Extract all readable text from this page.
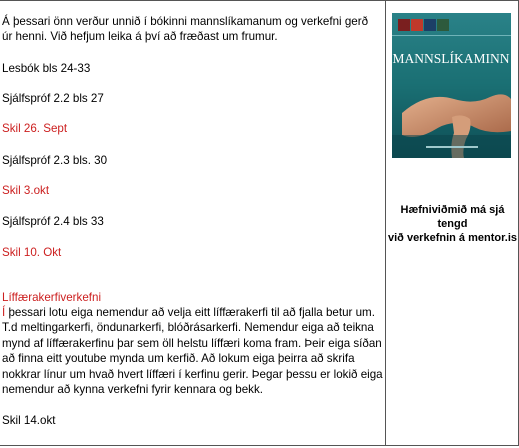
Á þessari önn verður unnið í bókinni mannslíkamanum og verkefni gerð
úr henni. Við hefjum leika á því að fræðast um frumur.
Lesbók bls 24-33
Sjálfspróf 2.2 bls 27
Skil 26. Sept
Sjálfspróf 2.3 bls. 30
Skil 3.okt
Sjálfspróf 2.4 bls 33
Skil 10. Okt
Líffærakerfiverkefni
Í þessari lotu eiga nemendur að velja eitt líffærakerfi til að fjalla betur um.
T.d meltingarkerfi, öndunarkerfi, blóðrásarkerfi. Nemendur eiga að teikna
mynd af líffærakerfinu þar sem öll helstu líffæri koma fram. Þeir eiga síðan
að finna eitt youtube mynda um kerfið. Að lokum eiga þeirra að skrifa
nokkrar línur um hvað hvert líffæri í kerfinu gerir. Þegar þessu er lokið eiga
nemendur að kynna verkefni fyrir kennara og bekk.
Skil 14.okt
MANNSLÍKAMINN
Hæfniviðmið má sjá tengd
við verkefnin á mentor.is
